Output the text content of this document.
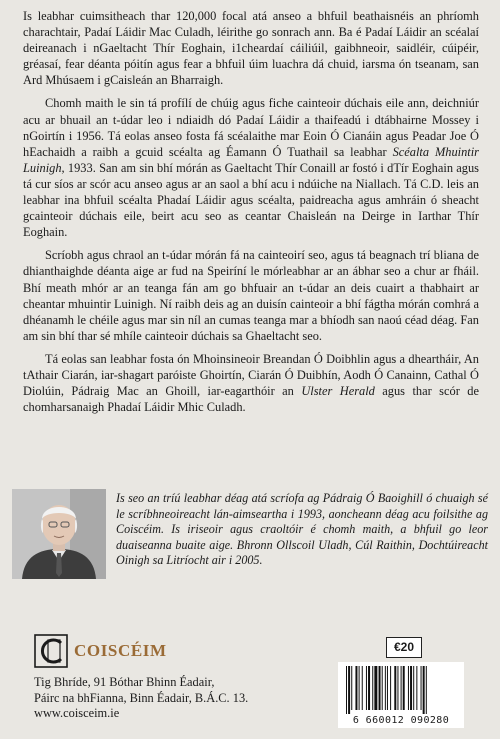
Is leabhar cuimsitheach thar 120,000 focal atá anseo a bhfuil beathaisnéis an phríomh charachtair, Padaí Láidir Mac Culadh, léirithe go sonrach ann. Ba é Padaí Láidir an scéalaí deireanach i nGaeltacht Thír Eoghain, i1cheardaí cáiliúil, gaibhneoir, saidléir, cúipéir, gréasaí, fear déanta póitín agus fear a bhfuil úim luachra dá chuid, iarsma ón tseanam, san Ard Mhúsaem i gCaisleán an Bharraigh.

Chomh maith le sin tá profílí de chúig agus fiche cainteoir dúchais eile ann, deichniúr acu ar bhuail an t-údar leo i ndiaidh dó Padaí Láidir a thaifeadú i dtábhairne Mossey i nGoirtín i 1956. Tá eolas anseo fosta fá scéalaithe mar Eoin Ó Cianáin agus Peadar Joe Ó hEachaidh a raibh a gcuid scéalta ag Éamann Ó Tuathail sa leabhar Scéalta Mhuintir Luinigh, 1933. San am sin bhí mórán as Gaeltacht Thír Conaill ar fostó i dTír Eoghain agus tá cur síos ar scór acu anseo agus ar an saol a bhí acu i ndúiche na Niallach. Tá C.D. leis an leabhar ina bhfuil scéalta Phadaí Láidir agus scéalta, paidreacha agus amhráin ó sheacht gcainteoir dúchais eile, beirt acu seo as ceantar Chaisleán na Deirge in Iarthar Thír Eoghain.

Scríobh agus chraol an t-údar mórán fá na cainteoirí seo, agus tá beagnach trí bliana de dhianthaighde déanta aige ar fud na Speiríní le mórleabhar ar an ábhar seo a chur ar fháil. Bhí meath mhór ar an teanga fán am go bhfuair an t-údar an deis cuairt a thabhairt ar cheantar mhuintir Luinigh. Ní raibh deis ag an duisín cainteoir a bhí fágtha mórán comhrá a dhéanamh le chéile agus mar sin níl an cumas teanga mar a bhíodh san naoú céad déag. Fan am sin bhí thar sé mhíle cainteoir dúchais sa Ghaeltacht seo.

Tá eolas san leabhar fosta ón Mhoinsineoir Breandan Ó Doibhlin agus a dheartháir, An tAthair Ciarán, iar-shagart paróiste Ghoirtín, Ciarán Ó Duibhín, Aodh Ó Canainn, Cathal Ó Diolúin, Pádraig Mac an Ghoill, iar-eagarthóir an Ulster Herald agus thar scór de chomharsanaigh Phadaí Láidir Mhic Culadh.

Is seo an tríú leabhar déag atá scríofa ag Pádraig Ó Baoighill ó chuaigh sé le scríbhneoireacht lán-aimseartha i 1993, aoncheann déag acu foilsithe ag Coiscéim. Is iriseoir agus craoltóir é chomh maith, a bhfuil go leor duaiseanna buaite aige. Bhronn Ollscoil Uladh, Cúl Raithin, Dochtúireacht Oinigh sa Litríocht air i 2005.
COISCÉIM
Tig Bhríde, 91 Bóthar Bhinn Éadair,
Páirc na bhFianna, Binn Éadair, B.Á.C. 13.
www.coisceim.ie
€20
6 660012 090280
